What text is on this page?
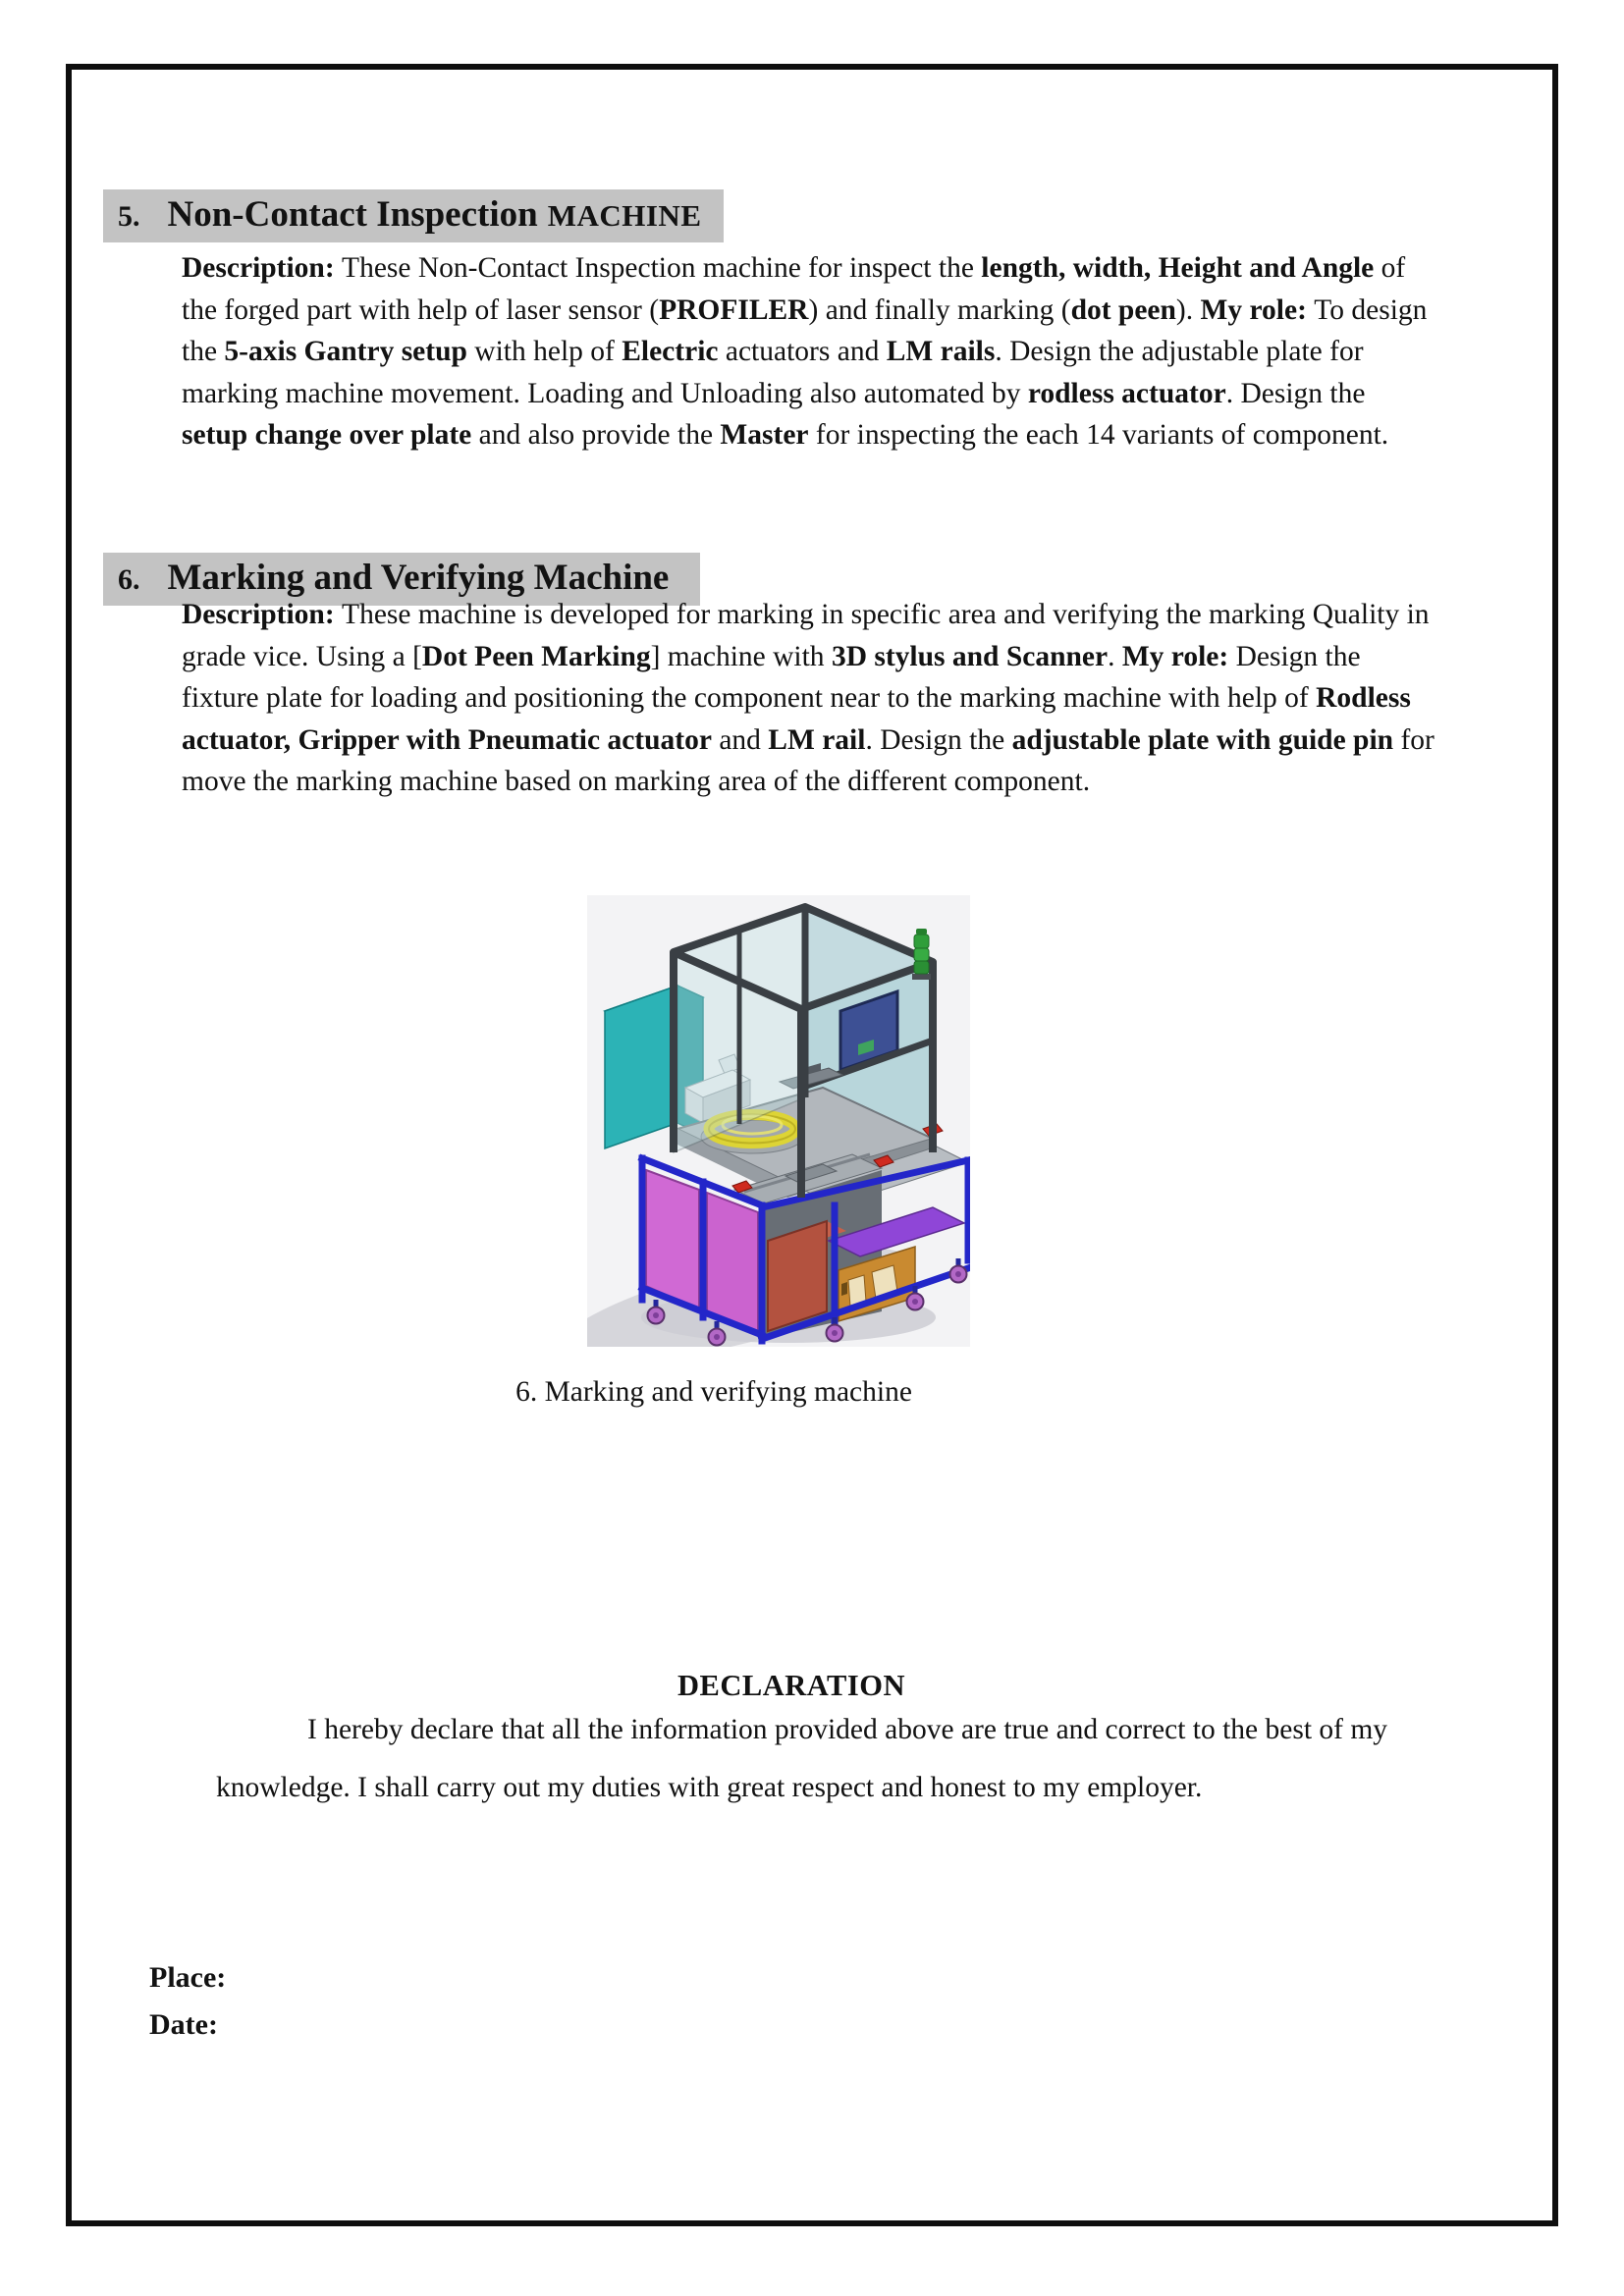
5. Non-Contact Inspection MACHINE

Description: These Non-Contact Inspection machine for inspect the length, width, Height and Angle of the forged part with help of laser sensor (PROFILER) and finally marking (dot peen). My role: To design the 5-axis Gantry setup with help of Electric actuators and LM rails. Design the adjustable plate for marking machine movement. Loading and Unloading also automated by rodless actuator. Design the setup change over plate and also provide the Master for inspecting the each 14 variants of component.

6. Marking and Verifying Machine

Description: These machine is developed for marking in specific area and verifying the marking Quality in grade vice. Using a [Dot Peen Marking] machine with 3D stylus and Scanner. My role: Design the fixture plate for loading and positioning the component near to the marking machine with help of Rodless actuator, Gripper with Pneumatic actuator and LM rail. Design the adjustable plate with guide pin for move the marking machine based on marking area of the different component.

6. Marking and verifying machine

DECLARATION

I hereby declare that all the information provided above are true and correct to the best of my knowledge. I shall carry out my duties with great respect and honest to my employer.

Place:
Date:
